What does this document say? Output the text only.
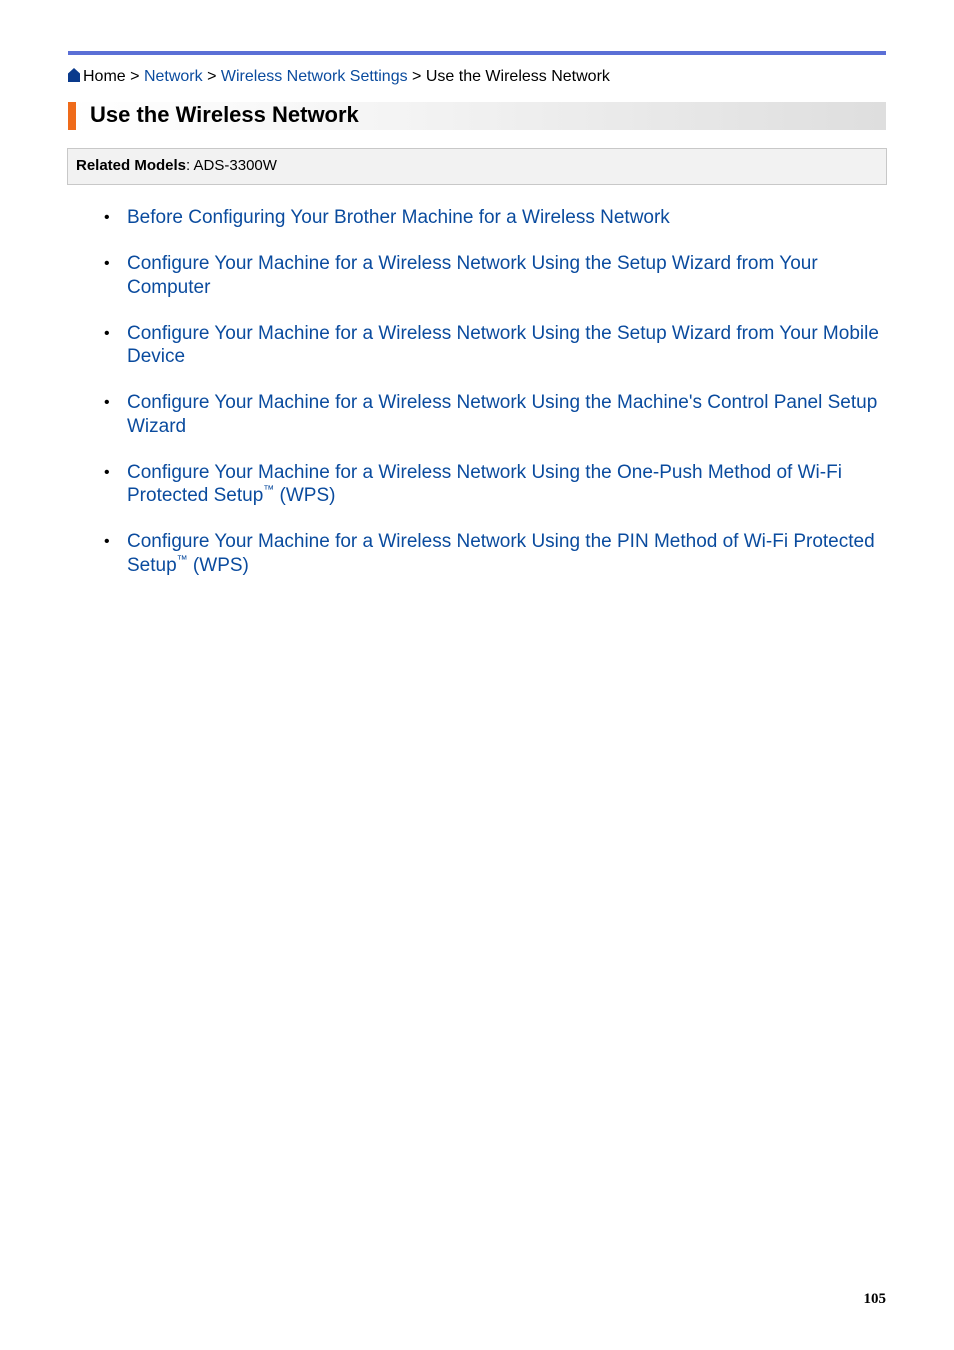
Home > Network > Wireless Network Settings > Use the Wireless Network
Use the Wireless Network
Related Models: ADS-3300W
• Before Configuring Your Brother Machine for a Wireless Network
• Configure Your Machine for a Wireless Network Using the Setup Wizard from Your Computer
• Configure Your Machine for a Wireless Network Using the Setup Wizard from Your Mobile Device
• Configure Your Machine for a Wireless Network Using the Machine's Control Panel Setup Wizard
• Configure Your Machine for a Wireless Network Using the One-Push Method of Wi-Fi Protected Setup™ (WPS)
• Configure Your Machine for a Wireless Network Using the PIN Method of Wi-Fi Protected Setup™ (WPS)
105
